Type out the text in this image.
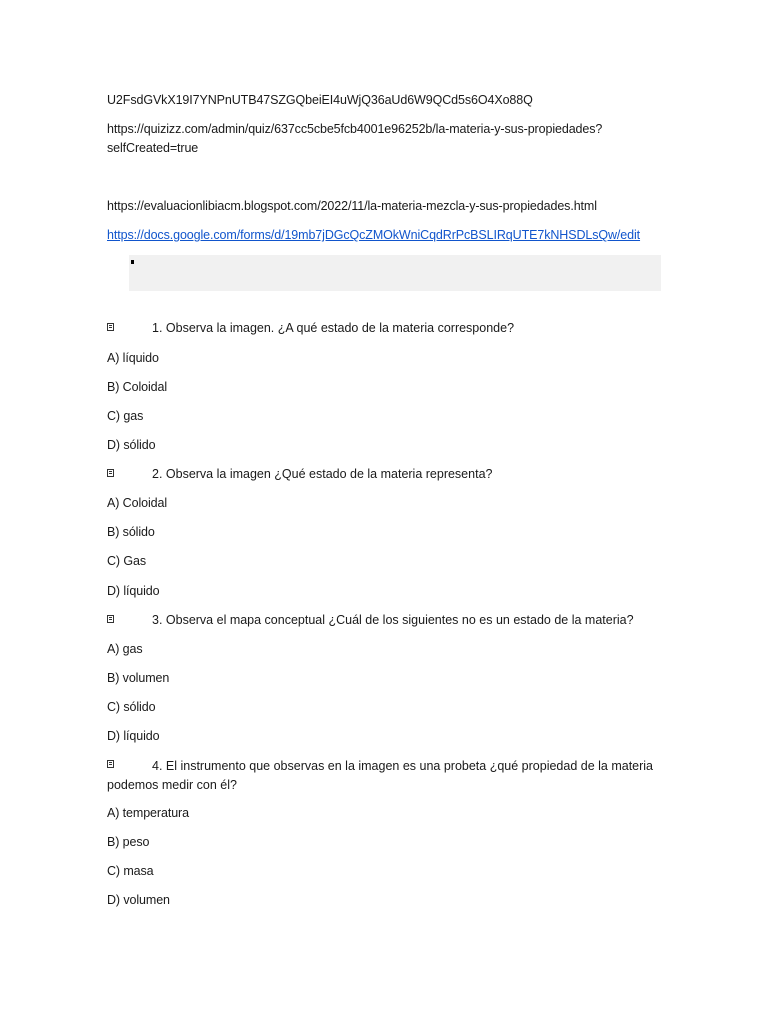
U2FsdGVkX19I7YNPnUTB47SZGQbeiEI4uWjQ36aUd6W9QCd5s6O4Xo88Q
https://quizizz.com/admin/quiz/637cc5cbe5fcb4001e96252b/la-materia-y-sus-propiedades?
selfCreated=true
https://evaluacionlibiacm.blogspot.com/2022/11/la-materia-mezcla-y-sus-propiedades.html
https://docs.google.com/forms/d/19mb7jDGcQcZMOkWniCqdRrPcBSLIRqUTE7kNHSDLsQw/edit
1. Observa la imagen. ¿A qué estado de la materia corresponde?
A) líquido
B) Coloidal
C) gas
D) sólido
2. Observa la imagen ¿Qué estado de la materia representa?
A) Coloidal
B) sólido
C) Gas
D) líquido
3. Observa el mapa conceptual ¿Cuál de los siguientes no es un estado de la materia?
A) gas
B) volumen
C) sólido
D) líquido
4. El instrumento que observas en la imagen es una probeta ¿qué propiedad de la materia podemos medir con él?
A) temperatura
B) peso
C) masa
D) volumen
